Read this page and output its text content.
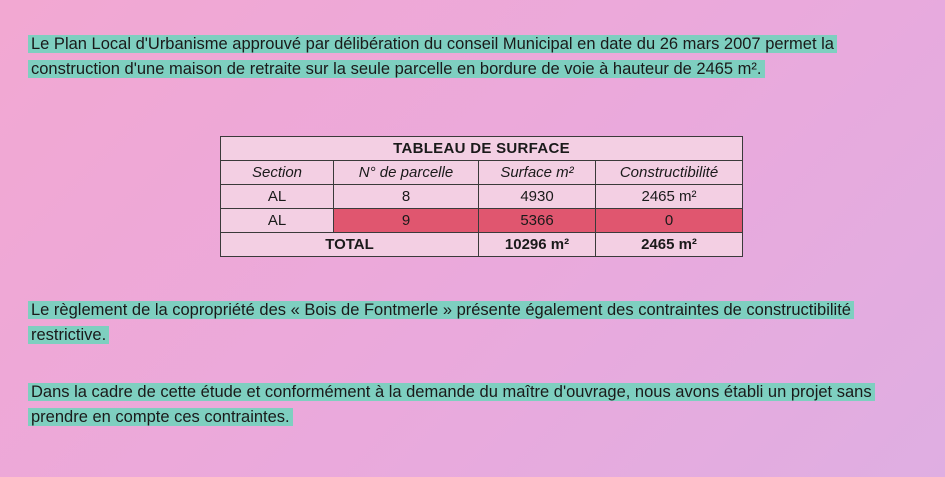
Le Plan Local d'Urbanisme approuvé par délibération du conseil Municipal en date du 26 mars 2007 permet la construction d'une maison de retraite sur la seule parcelle en bordure de voie à hauteur de 2465 m².

TABLEAU DE SURFACE			
Section	N° de parcelle	Surface m²	Constructibilité
AL	8	4930	2465 m²
AL	9	5366	0
TOTAL		10296 m²	2465 m²

Le règlement de la copropriété des « Bois de Fontmerle » présente également des contraintes de constructibilité restrictive.

Dans la cadre de cette étude et conformément à la demande du maître d'ouvrage, nous avons établi un projet sans prendre en compte ces contraintes.
